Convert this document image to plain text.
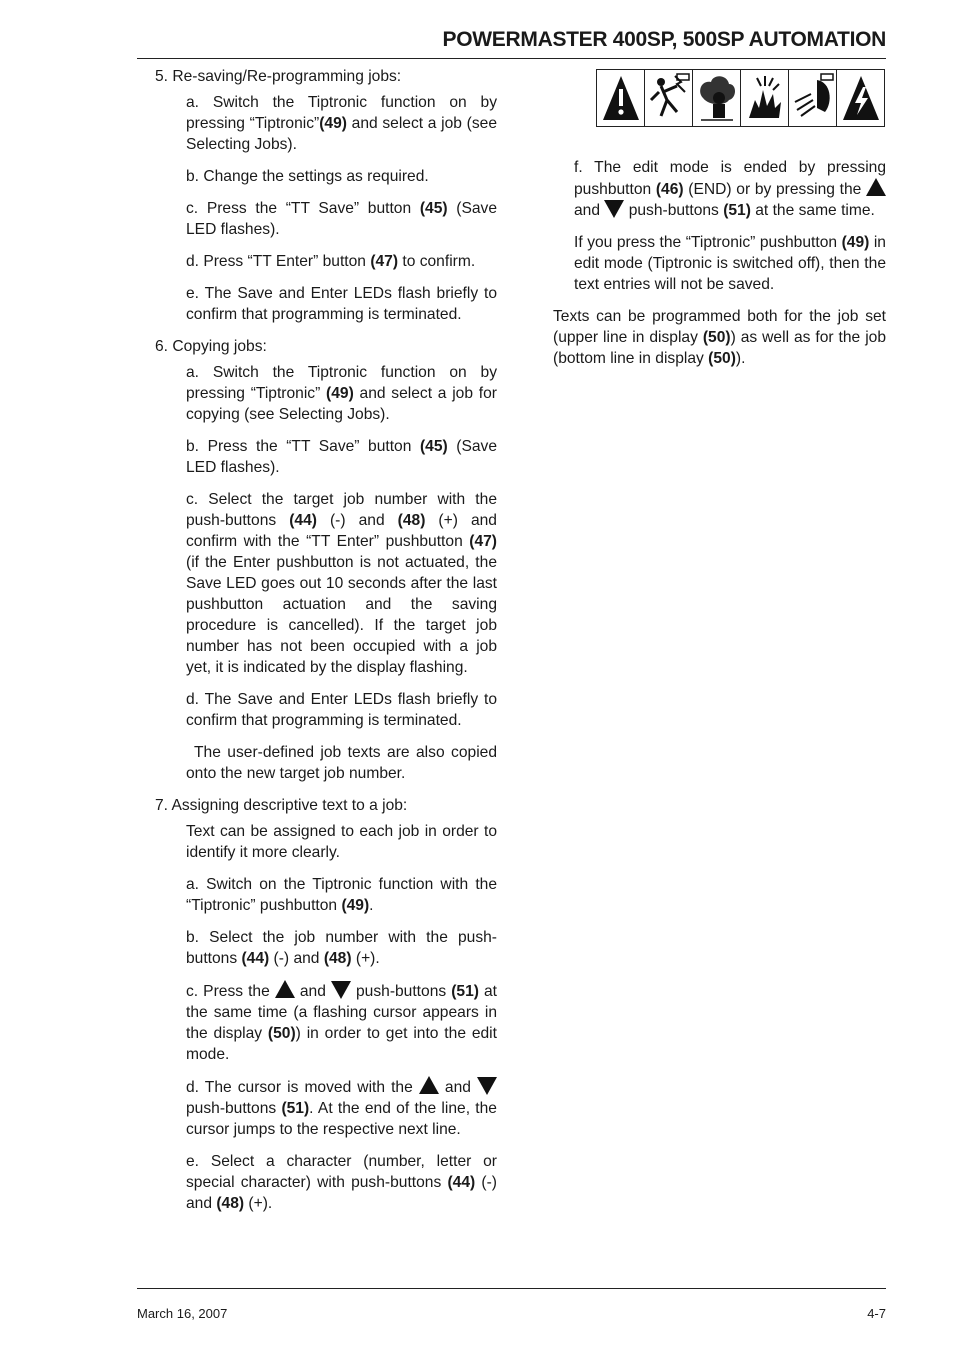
POWERMASTER 400SP, 500SP AUTOMATION

5. Re-saving/Re-programming jobs:

a. Switch the Tiptronic function on by pressing “Tiptronic”(49) and select a job (see Selecting Jobs).

b. Change the settings as required.

c. Press the “TT Save” button (45) (Save LED flashes).

d. Press “TT Enter” button (47) to confirm.

e. The Save and Enter LEDs flash briefly to confirm that programming is terminated.

6. Copying jobs:

a. Switch the Tiptronic function on by pressing “Tiptronic” (49) and select a job for copying (see Selecting Jobs).

b. Press the “TT Save” button (45) (Save LED flashes).

c. Select the target job number with the push-buttons (44) (-) and (48) (+) and confirm with the “TT Enter” pushbutton (47) (if the Enter pushbutton is not actuated, the Save LED goes out 10 seconds after the last pushbutton actuation and the saving procedure is cancelled). If the target job number has not been occupied with a job yet, it is indicated by the display flashing.

d. The Save and Enter LEDs flash briefly to confirm that programming is terminated.

The user-defined job texts are also copied onto the new target job number.

7. Assigning descriptive text to a job:

Text can be assigned to each job in order to identify it more clearly.

a. Switch on the Tiptronic function with the “Tiptronic” pushbutton (49).

b. Select the job number with the push-buttons (44) (-) and (48) (+).

c. Press the  and  push-buttons (51) at the same time (a flashing cursor appears in the display (50)) in order to get into the edit mode.

d. The cursor is moved with the  and  push-buttons (51). At the end of the line, the cursor jumps to the respective next line.

e. Select a character (number, letter or special character) with push-buttons (44) (-) and (48) (+).

f. The edit mode is ended by pressing pushbutton (46) (END) or by pressing the  and  push-buttons (51) at the same time.

If you press the “Tiptronic” pushbutton (49) in edit mode (Tiptronic is switched off), then the text entries will not be saved.

Texts can be programmed both for the job set (upper line in display (50)) as well as for the job (bottom line in display (50)).

March 16, 2007	4-7
